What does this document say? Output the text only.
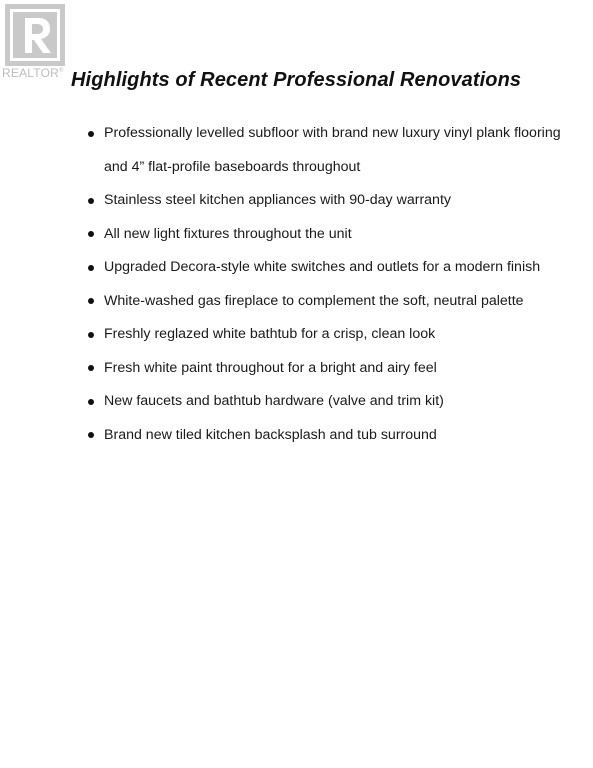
REALTOR® Highlights of Recent Professional Renovations
Professionally levelled subfloor with brand new luxury vinyl plank flooring and 4” flat-profile baseboards throughout
Stainless steel kitchen appliances with 90-day warranty
All new light fixtures throughout the unit
Upgraded Decora-style white switches and outlets for a modern finish
White-washed gas fireplace to complement the soft, neutral palette
Freshly reglazed white bathtub for a crisp, clean look
Fresh white paint throughout for a bright and airy feel
New faucets and bathtub hardware (valve and trim kit)
Brand new tiled kitchen backsplash and tub surround
